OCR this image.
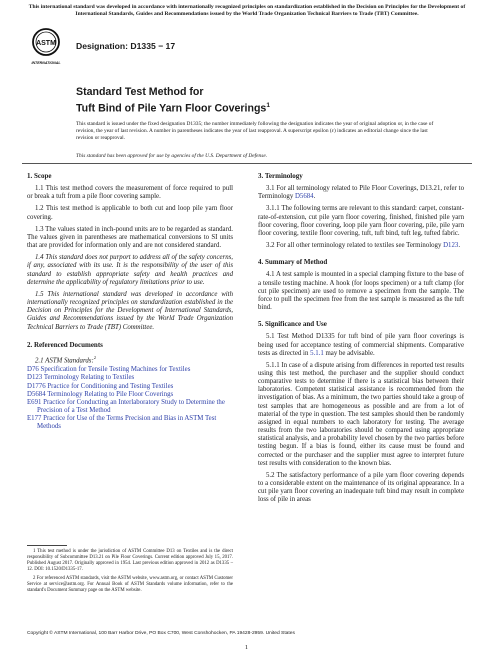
This international standard was developed in accordance with internationally recognized principles on standardization established in the Decision on Principles for the Development of International Standards, Guides and Recommendations issued by the World Trade Organization Technical Barriers to Trade (TBT) Committee.
ASTM
INTERNATIONAL
Designation: D1335 − 17
Standard Test Method for
Tuft Bind of Pile Yarn Floor Coverings$^1$
This standard is issued under the fixed designation D1335; the number immediately following the designation indicates the year of original adoption or, in the case of revision, the year of last revision. A number in parentheses indicates the year of last reapproval. A superscript epsilon (ε) indicates an editorial change since the last revision or reapproval.
This standard has been approved for use by agencies of the U.S. Department of Defense.
1. Scope

1.1 This test method covers the measurement of force required to pull or break a tuft from a pile floor covering sample.

1.2 This test method is applicable to both cut and loop pile yarn floor covering.

1.3 The values stated in inch-pound units are to be regarded as standard. The values given in parentheses are mathematical conversions to SI units that are provided for information only and are not considered standard.

1.4 This standard does not purport to address all of the safety concerns, if any, associated with its use. It is the responsibility of the user of this standard to establish appropriate safety and health practices and determine the applicability of regulatory limitations prior to use.

1.5 This international standard was developed in accordance with internationally recognized principles on standardization established in the Decision on Principles for the Development of International Standards, Guides and Recommendations issued by the World Trade Organization Technical Barriers to Trade (TBT) Committee.

2. Referenced Documents

2.1 ASTM Standards:$^2$

D76 Specification for Tensile Testing Machines for Textiles
D123 Terminology Relating to Textiles
D1776 Practice for Conditioning and Testing Textiles
D5684 Terminology Relating to Pile Floor Coverings
E691 Practice for Conducting an Interlaboratory Study to Determine the Precision of a Test Method
E177 Practice for Use of the Terms Precision and Bias in ASTM Test Methods

1 This test method is under the jurisdiction of ASTM Committee D13 on Textiles and is the direct responsibility of Subcommittee D13.21 on Pile Floor Coverings. Current edition approved July 15, 2017. Published August 2017. Originally approved in 1954. Last previous edition approved in 2012 as D1335 – 12. DOI: 10.1520/D1335-17.

2 For referenced ASTM standards, visit the ASTM website, www.astm.org, or contact ASTM Customer Service at service@astm.org. For Annual Book of ASTM Standards volume information, refer to the standard's Document Summary page on the ASTM website.

3. Terminology

3.1 For all terminology related to Pile Floor Coverings, D13.21, refer to Terminology D5684.

3.1.1 The following terms are relevant to this standard: carpet, constant-rate-of-extension, cut pile yarn floor covering, finished, finished pile yarn floor covering, floor covering, loop pile yarn floor covering, pile, pile yarn floor covering, textile floor covering, tuft, tuft bind, tuft leg, tufted fabric.

3.2 For all other terminology related to textiles see Terminology D123.

4. Summary of Method

4.1 A test sample is mounted in a special clamping fixture to the base of a tensile testing machine. A hook (for loops specimen) or a tuft clamp (for cut pile specimen) are used to remove a specimen from the sample. The force to pull the specimen free from the test sample is measured as the tuft bind.

5. Significance and Use

5.1 Test Method D1335 for tuft bind of pile yarn floor coverings is being used for acceptance testing of commercial shipments. Comparative tests as directed in 5.1.1 may be advisable.

5.1.1 In case of a dispute arising from differences in reported test results using this test method, the purchaser and the supplier should conduct comparative tests to determine if there is a statistical bias between their laboratories. Competent statistical assistance is recommended from the investigation of bias. As a minimum, the two parties should take a group of test samples that are homogeneous as possible and are from a lot of material of the type in question. The test samples should then be randomly assigned in equal numbers to each laboratory for testing. The average results from the two laboratories should be compared using appropriate statistical analysis, and a probability level chosen by the two parties before testing begun. If a bias is found, either its cause must be found and corrected or the purchaser and the supplier must agree to interpret future test results with consideration to the known bias.

5.2 The satisfactory performance of a pile yarn floor covering depends to a considerable extent on the maintenance of its original appearance. In a cut pile yarn floor covering an inadequate tuft bind may result in complete loss of pile in areas

Copyright © ASTM International, 100 Barr Harbor Drive, PO Box C700, West Conshohocken, PA 19428-2959. United States
1
